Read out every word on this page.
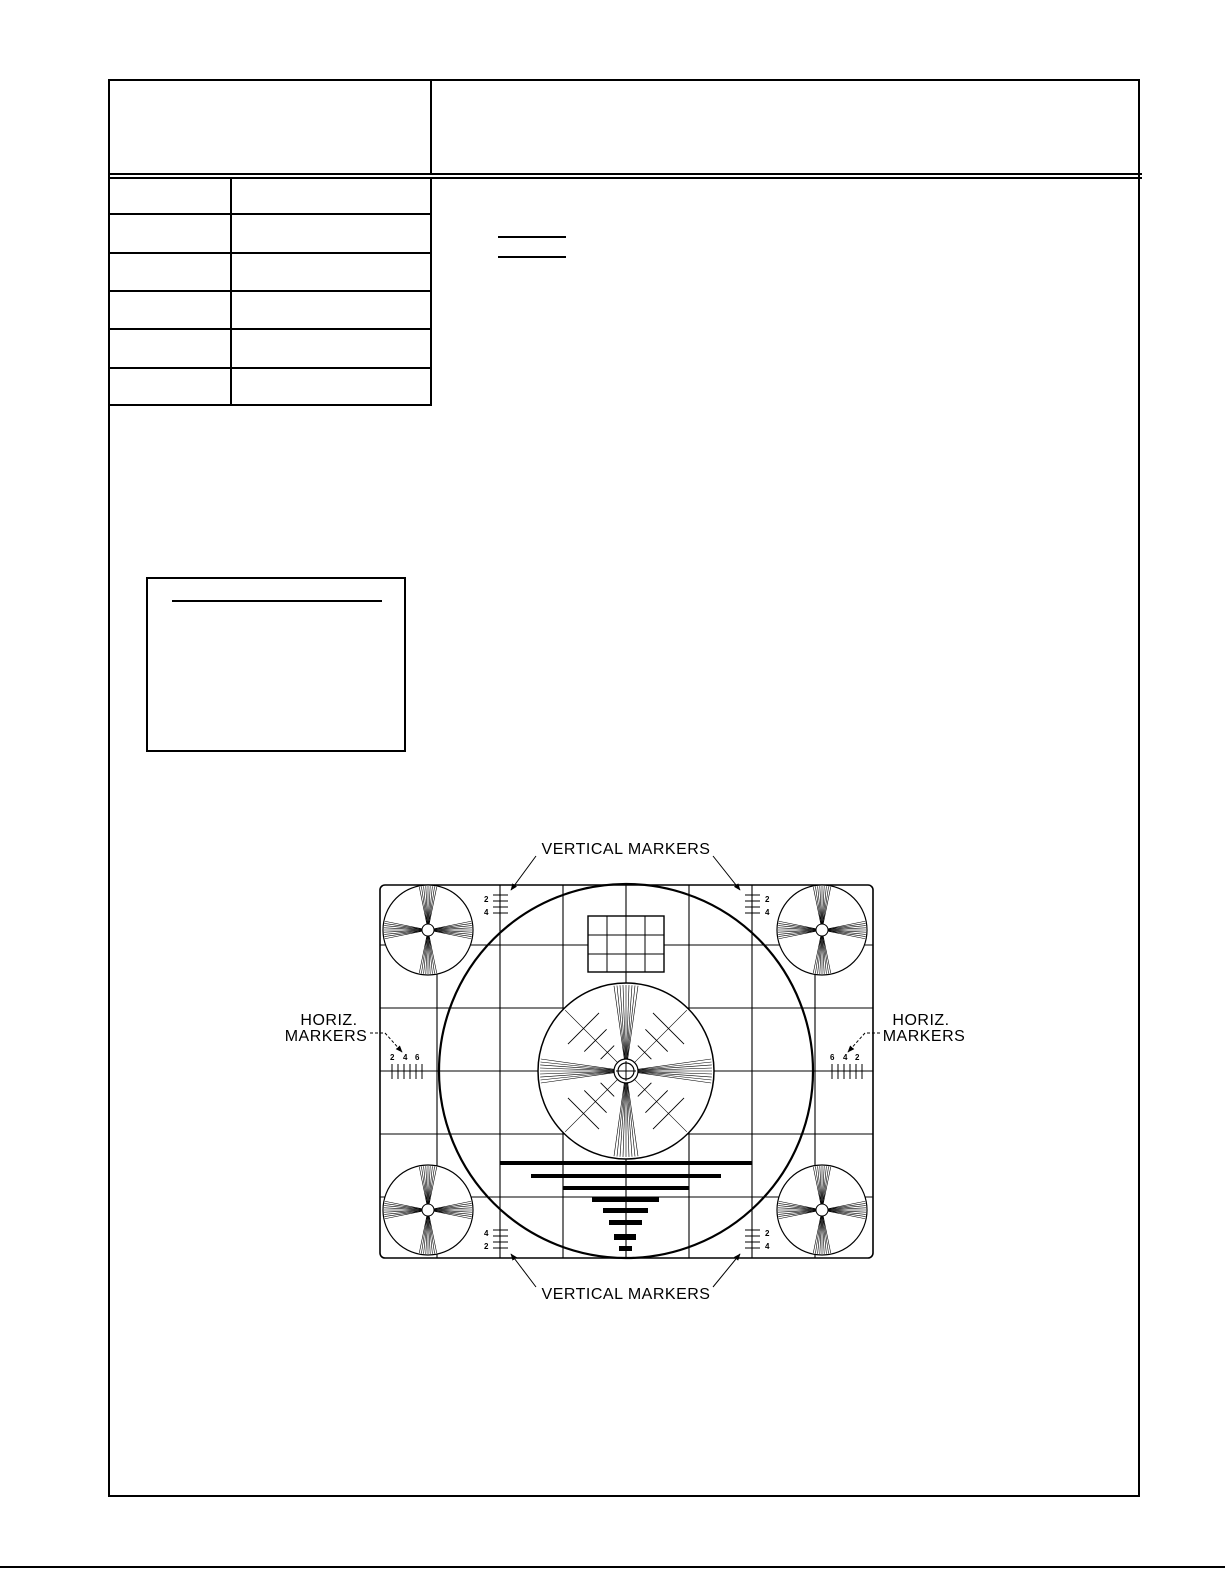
2
4
2
4
4
2
2
4
2 4 6	6 4 2
VERTICAL MARKERS
VERTICAL MARKERS
HORIZ.
MARKERS
HORIZ.
MARKERS
